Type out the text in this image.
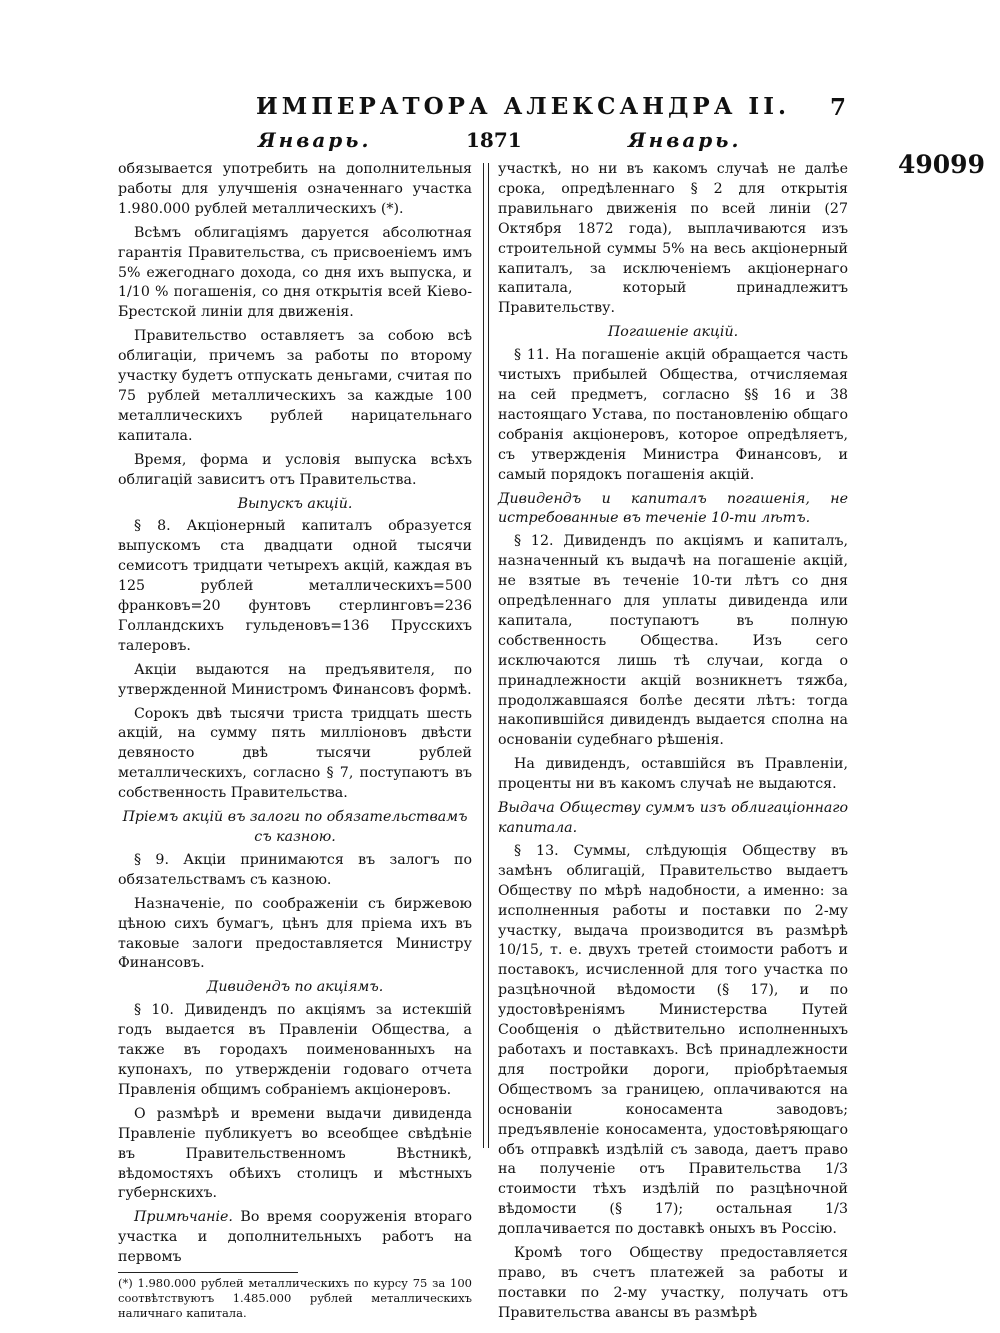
ИМПЕРАТОРА АЛЕКСАНДРА II. 7
Январь.	1871	Январь.
49099

обязывается употребить на дополнительныя работы для улучшенія означеннаго участка 1.980.000 рублей металлическихъ (*).

Всѣмъ облигаціямъ даруется абсолютная гарантія Правительства, съ присвоеніемъ имъ 5% ежегоднаго дохода, со дня ихъ выпуска, и 1/10 % погашенія, со дня открытія всей Кіево-Брестской линіи для движенія.

Правительство оставляетъ за собою всѣ облигаціи, причемъ за работы по второму участку будетъ отпускать деньгами, считая по 75 рублей металлическихъ за каждые 100 металлическихъ рублей нарицательнаго капитала.

Время, форма и условія выпуска всѣхъ облигацій зависитъ отъ Правительства.

Выпускъ акцій.

§ 8. Акціонерный капиталъ образуется выпускомъ ста двадцати одной тысячи семисотъ тридцати четырехъ акцій, каждая въ 125 рублей металлическихъ=500 франковъ=20 фунтовъ стерлинговъ=236 Голландскихъ гульденовъ=136 Прусскихъ талеровъ.

Акціи выдаются на предъявителя, по утвержденной Министромъ Финансовъ формѣ.

Сорокъ двѣ тысячи триста тридцать шесть акцій, на сумму пять милліоновъ двѣсти девяносто двѣ тысячи рублей металлическихъ, согласно § 7, поступаютъ въ собственность Правительства.

Пріемъ акцій въ залоги по обязательствамъ съ казною.

§ 9. Акціи принимаются въ залогъ по обязательствамъ съ казною.

Назначеніе, по соображеніи съ биржевою цѣною сихъ бумагъ, цѣнъ для пріема ихъ въ таковые залоги предоставляется Министру Финансовъ.

Дивидендъ по акціямъ.

§ 10. Дивидендъ по акціямъ за истекшій годъ выдается въ Правленіи Общества, а также въ городахъ поименованныхъ на купонахъ, по утвержденіи годоваго отчета Правленія общимъ собраніемъ акціонеровъ.

О размѣрѣ и времени выдачи дивиденда Правленіе публикуетъ во всеобщее свѣдѣніе въ Правительственномъ Вѣстникѣ, вѣдомостяхъ обѣихъ столицъ и мѣстныхъ губернскихъ.

Примѣчаніе. Во время сооруженія втораго участка и дополнительныхъ работъ на первомъ

(*) 1.980.000 рублей металлическихъ по курсу 75 за 100 соотвѣтствуютъ 1.485.000 рублей металлическихъ наличнаго капитала.

участкѣ, но ни въ какомъ случаѣ не далѣе срока, опредѣленнаго § 2 для открытія правильнаго движенія по всей линіи (27 Октября 1872 года), выплачиваются изъ строительной суммы 5% на весь акціонерный капиталъ, за исключеніемъ акціонернаго капитала, который принадлежитъ Правительству.

Погашеніе акцій.

§ 11. На погашеніе акцій обращается часть чистыхъ прибылей Общества, отчисляемая на сей предметъ, согласно §§ 16 и 38 настоящаго Устава, по постановленію общаго собранія акціонеровъ, которое опредѣляетъ, съ утвержденія Министра Финансовъ, и самый порядокъ погашенія акцій.

Дивидендъ и капиталъ погашенія, не истребованные въ теченіе 10-ти лѣтъ.

§ 12. Дивидендъ по акціямъ и капиталъ, назначенный къ выдачѣ на погашеніе акцій, не взятые въ теченіе 10-ти лѣтъ со дня опредѣленнаго для уплаты дивиденда или капитала, поступаютъ въ полную собственность Общества. Изъ сего исключаются лишь тѣ случаи, когда о принадлежности акцій возникнетъ тяжба, продолжавшаяся болѣе десяти лѣтъ: тогда накопившійся дивидендъ выдается сполна на основаніи судебнаго рѣшенія.

На дивидендъ, оставшійся въ Правленіи, проценты ни въ какомъ случаѣ не выдаются.

Выдача Обществу суммъ изъ облигаціоннаго капитала.

§ 13. Суммы, слѣдующія Обществу въ замѣнъ облигацій, Правительство выдаетъ Обществу по мѣрѣ надобности, а именно: за исполненныя работы и поставки по 2-му участку, выдача производится въ размѣрѣ 10/15, т. е. двухъ третей стоимости работъ и поставокъ, исчисленной для того участка по разцѣночной вѣдомости (§ 17), и по удостовѣреніямъ Министерства Путей Сообщенія о дѣйствительно исполненныхъ работахъ и поставкахъ. Всѣ принадлежности для постройки дороги, пріобрѣтаемыя Обществомъ за границею, оплачиваются на основаніи коносамента заводовъ; предъявленіе коносамента, удостовѣряющаго объ отправкѣ издѣлій съ завода, даетъ право на полученіе отъ Правительства 1/3 стоимости тѣхъ издѣлій по разцѣночной вѣдомости (§ 17); остальная 1/3 доплачивается по доставкѣ оныхъ въ Россію.

Кромѣ того Обществу предоставляется право, въ счетъ платежей за работы и поставки по 2-му участку, получать отъ Правительства авансы въ размѣрѣ
